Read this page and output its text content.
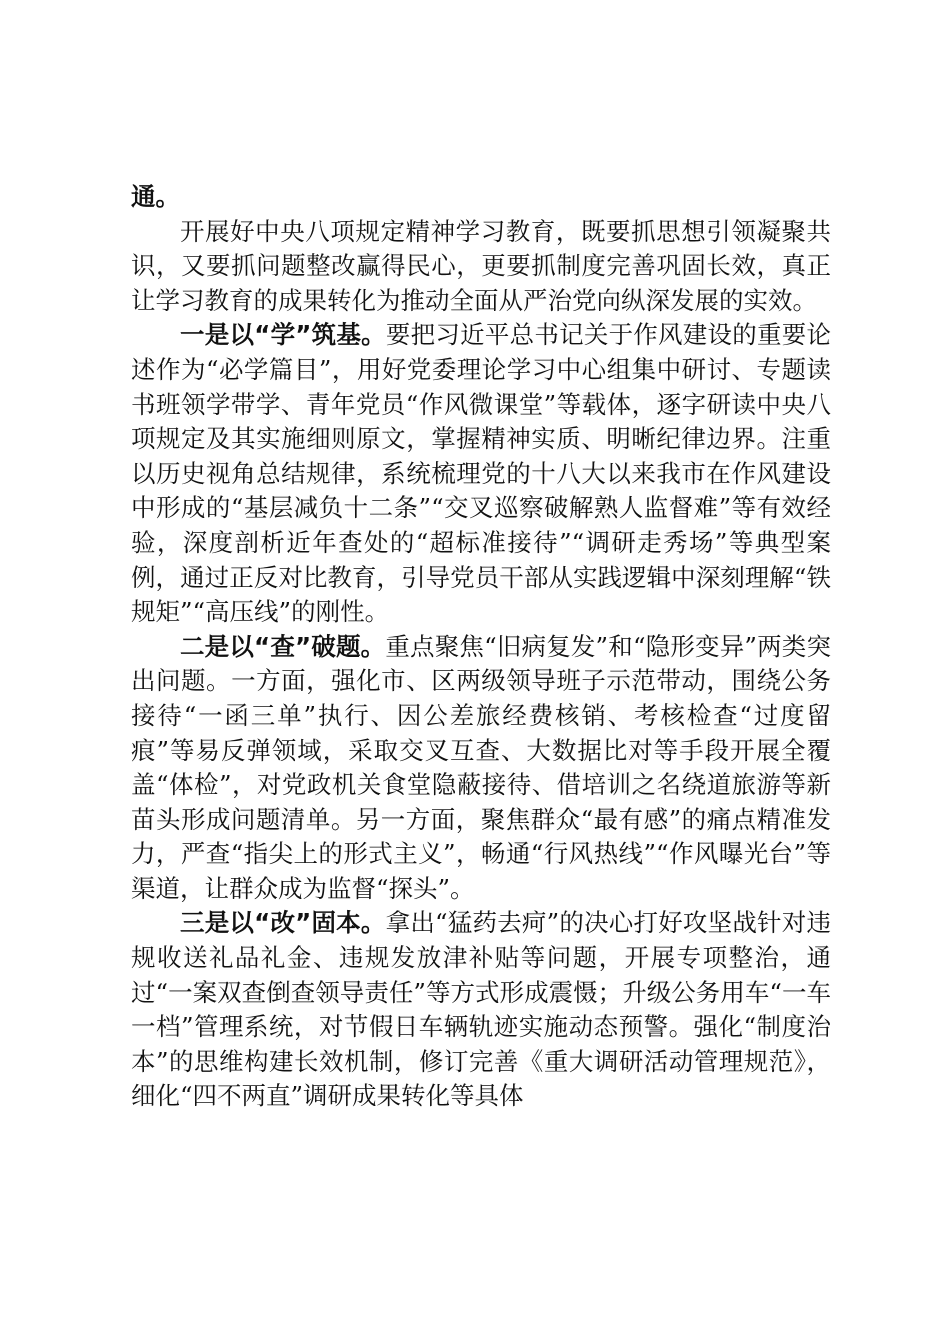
通。

开展好中央八项规定精神学习教育，既要抓思想引领凝聚共识，又要抓问题整改赢得民心，更要抓制度完善巩固长效，真正让学习教育的成果转化为推动全面从严治党向纵深发展的实效。

一是以“学”筑基。要把习近平总书记关于作风建设的重要论述作为“必学篇目”，用好党委理论学习中心组集中研讨、专题读书班领学带学、青年党员“作风微课堂”等载体，逐字研读中央八项规定及其实施细则原文，掌握精神实质、明晰纪律边界。注重以历史视角总结规律，系统梳理党的十八大以来我市在作风建设中形成的“基层减负十二条”“交叉巡察破解熟人监督难”等有效经验，深度剖析近年查处的“超标准接待”“调研走秀场”等典型案例，通过正反对比教育，引导党员干部从实践逻辑中深刻理解“铁规矩”“高压线”的刚性。

二是以“查”破题。重点聚焦“旧病复发”和“隐形变异”两类突出问题。一方面，强化市、区两级领导班子示范带动，围绕公务接待“一函三单”执行、因公差旅经费核销、考核检查“过度留痕”等易反弹领域，采取交叉互查、大数据比对等手段开展全覆盖“体检”，对党政机关食堂隐蔽接待、借培训之名绕道旅游等新苗头形成问题清单。另一方面，聚焦群众“最有感”的痛点精准发力，严查“指尖上的形式主义”，畅通“行风热线”“作风曝光台”等渠道，让群众成为监督“探头”。

三是以“改”固本。拿出“猛药去疴”的决心打好攻坚战针对违规收送礼品礼金、违规发放津补贴等问题，开展专项整治，通过“一案双查倒查领导责任”等方式形成震慑；升级公务用车“一车一档”管理系统，对节假日车辆轨迹实施动态预警。强化“制度治本”的思维构建长效机制，修订完善《重大调研活动管理规范》，细化“四不两直”调研成果转化等具体
